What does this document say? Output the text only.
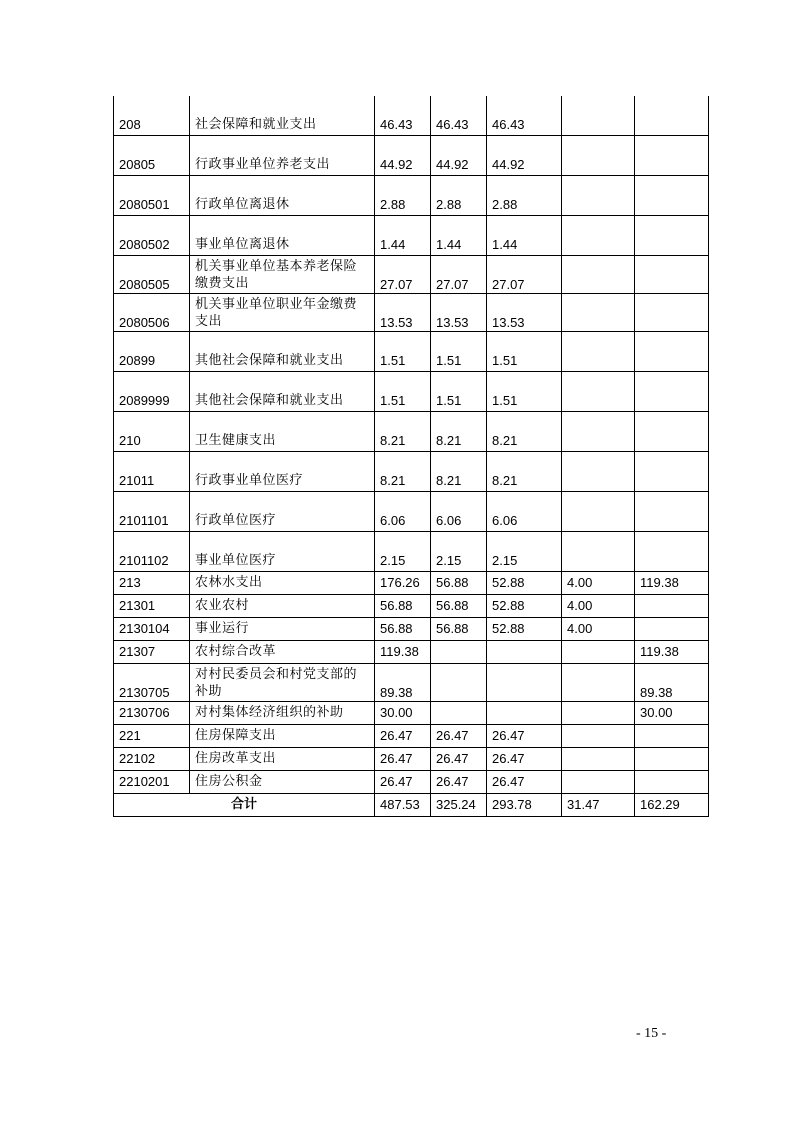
208	社会保障和就业支出	46.43	46.43	46.43		
20805	行政事业单位养老支出	44.92	44.92	44.92		
2080501	行政单位离退休	2.88	2.88	2.88		
2080502	事业单位离退休	1.44	1.44	1.44		
2080505	机关事业单位基本养老保险缴费支出	27.07	27.07	27.07		
2080506	机关事业单位职业年金缴费支出	13.53	13.53	13.53		
20899	其他社会保障和就业支出	1.51	1.51	1.51		
2089999	其他社会保障和就业支出	1.51	1.51	1.51		
210	卫生健康支出	8.21	8.21	8.21		
21011	行政事业单位医疗	8.21	8.21	8.21		
2101101	行政单位医疗	6.06	6.06	6.06		
2101102	事业单位医疗	2.15	2.15	2.15		
213	农林水支出	176.26	56.88	52.88	4.00	119.38
21301	农业农村	56.88	56.88	52.88	4.00	
2130104	事业运行	56.88	56.88	52.88	4.00	
21307	农村综合改革	119.38				119.38
2130705	对村民委员会和村党支部的补助	89.38				89.38
2130706	对村集体经济组织的补助	30.00				30.00
221	住房保障支出	26.47	26.47	26.47		
22102	住房改革支出	26.47	26.47	26.47		
2210201	住房公积金	26.47	26.47	26.47		
合计		487.53	325.24	293.78	31.47	162.29
- 15 -
